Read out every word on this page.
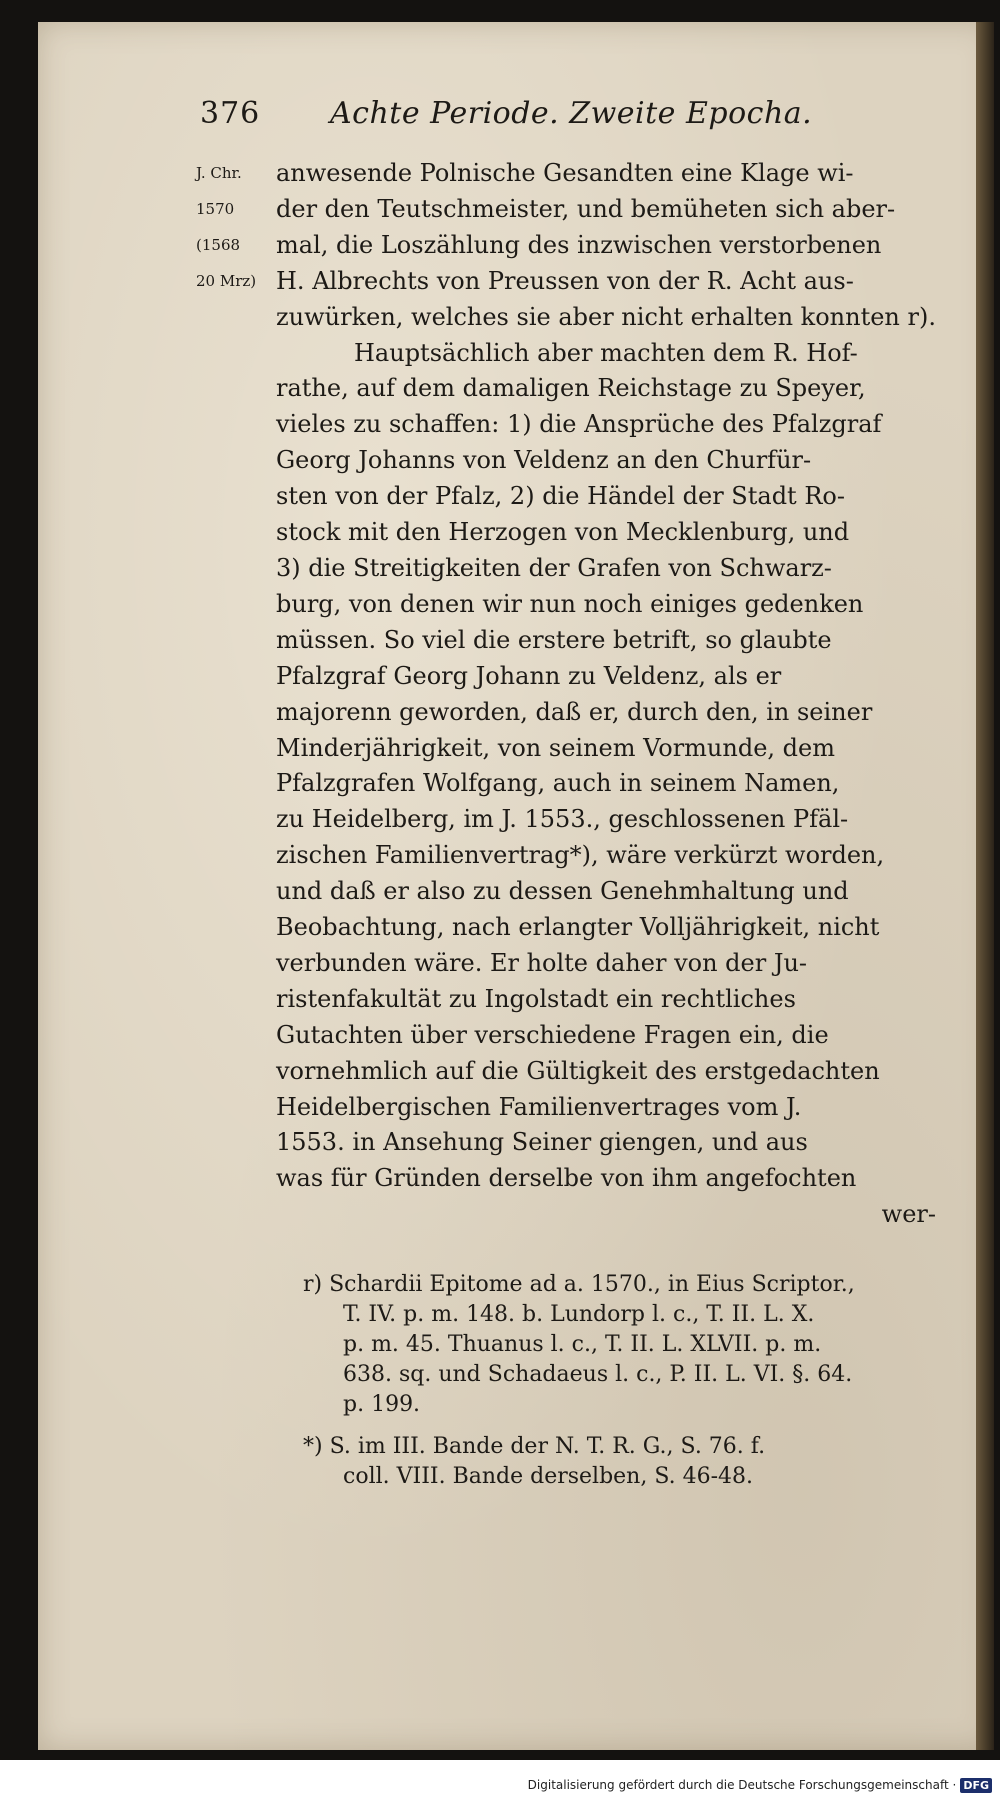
376 Achte Periode. Zweite Epocha.
J. Chr.
1570
(1568
20 Mrz)
anwesende Polnische Gesandten eine Klage wi-
der den Teutschmeister, und bemüheten sich aber-
mal, die Loszählung des inzwischen verstorbenen
H. Albrechts von Preussen von der R. Acht aus-
zuwürken, welches sie aber nicht erhalten konnten r).
Hauptsächlich aber machten dem R. Hof-
rathe, auf dem damaligen Reichstage zu Speyer,
vieles zu schaffen: 1) die Ansprüche des Pfalzgraf
Georg Johanns von Veldenz an den Churfür-
sten von der Pfalz, 2) die Händel der Stadt Ro-
stock mit den Herzogen von Mecklenburg, und
3) die Streitigkeiten der Grafen von Schwarz-
burg, von denen wir nun noch einiges gedenken
müssen. So viel die erstere betrift, so glaubte
Pfalzgraf Georg Johann zu Veldenz, als er
majorenn geworden, daß er, durch den, in seiner
Minderjährigkeit, von seinem Vormunde, dem
Pfalzgrafen Wolfgang, auch in seinem Namen,
zu Heidelberg, im J. 1553., geschlossenen Pfäl-
zischen Familienvertrag*), wäre verkürzt worden,
und daß er also zu dessen Genehmhaltung und
Beobachtung, nach erlangter Volljährigkeit, nicht
verbunden wäre. Er holte daher von der Ju-
ristenfakultät zu Ingolstadt ein rechtliches
Gutachten über verschiedene Fragen ein, die
vornehmlich auf die Gültigkeit des erstgedachten
Heidelbergischen Familienvertrages vom J.
1553. in Ansehung Seiner giengen, und aus
was für Gründen derselbe von ihm angefochten
wer-
r) Schardii Epitome ad a. 1570., in Eius Scriptor.,
T. IV. p. m. 148. b. Lundorp l. c., T. II. L. X.
p. m. 45. Thuanus l. c., T. II. L. XLVII. p. m.
638. sq. und Schadaeus l. c., P. II. L. VI. §. 64.
p. 199.
*) S. im III. Bande der N. T. R. G., S. 76. f.
coll. VIII. Bande derselben, S. 46-48.
Digitalisierung gefördert durch die Deutsche Forschungsgemeinschaft · DFG
